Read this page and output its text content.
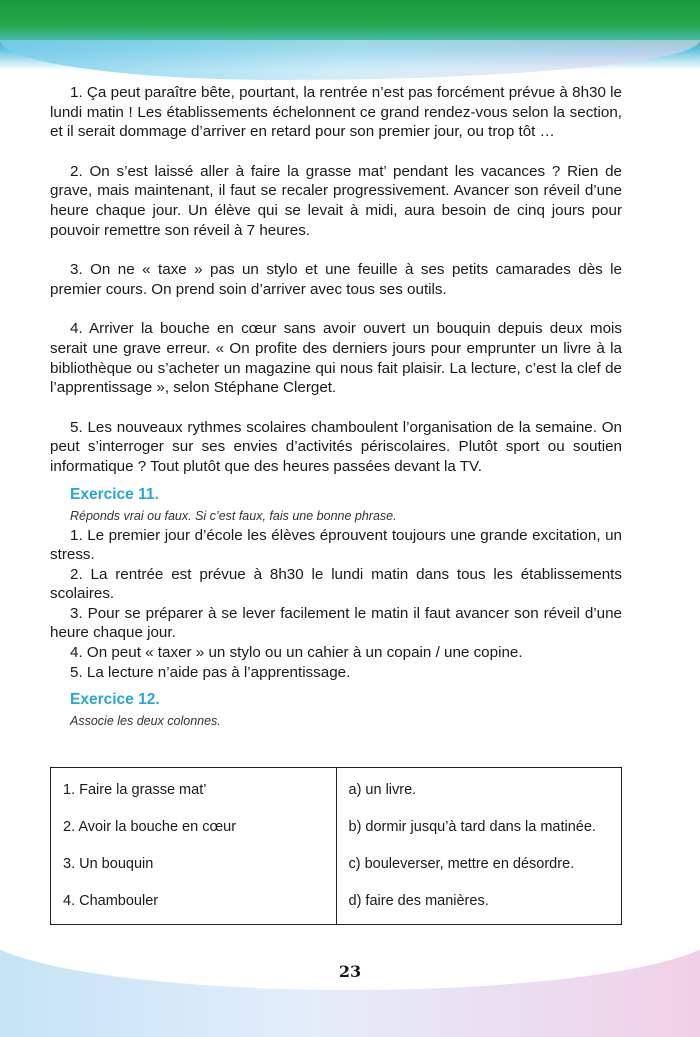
1. Ça peut paraître bête, pourtant, la rentrée n’est pas forcément prévue à 8h30 le lundi matin ! Les établissements échelonnent ce grand rendez-vous selon la section, et il serait dommage d’arriver en retard pour son premier jour, ou trop tôt …

2. On s’est laissé aller à faire la grasse mat’ pendant les vacances ? Rien de grave, mais maintenant, il faut se recaler progressivement. Avancer son réveil d’une heure chaque jour. Un élève qui se levait à midi, aura besoin de cinq jours pour pouvoir remettre son réveil à 7 heures.

3. On ne « taxe » pas un stylo et une feuille à ses petits camarades dès le premier cours. On prend soin d’arriver avec tous ses outils.

4. Arriver la bouche en cœur sans avoir ouvert un bouquin depuis deux mois serait une grave erreur. « On profite des derniers jours pour emprunter un livre à la bibliothèque ou s’acheter un magazine qui nous fait plaisir. La lecture, c’est la clef de l’apprentissage », selon Stéphane Clerget.

5. Les nouveaux rythmes scolaires chamboulent l’organisation de la semaine. On peut s’interroger sur ses envies d’activités périscolaires. Plutôt sport ou soutien informatique ? Tout plutôt que des heures passées devant la TV.

Exercice 11.
Réponds vrai ou faux. Si c’est faux, fais une bonne phrase.

1. Le premier jour d’école les élèves éprouvent toujours une grande excitation, un stress.

2. La rentrée est prévue à 8h30 le lundi matin dans tous les établissements scolaires.

3. Pour se préparer à se lever facilement le matin il faut avancer son réveil d’une heure chaque jour.

4. On peut « taxer » un stylo ou un cahier à un copain / une copine.

5. La lecture n’aide pas à l’apprentissage.

Exercice 12.
Associe les deux colonnes.
1. Faire la grasse mat’	a) un livre.
2. Avoir la bouche en cœur	b) dormir jusqu’à tard dans la matinée.
3. Un bouquin	c) bouleverser, mettre en désordre.
4. Chambouler	d) faire des manières.
23
